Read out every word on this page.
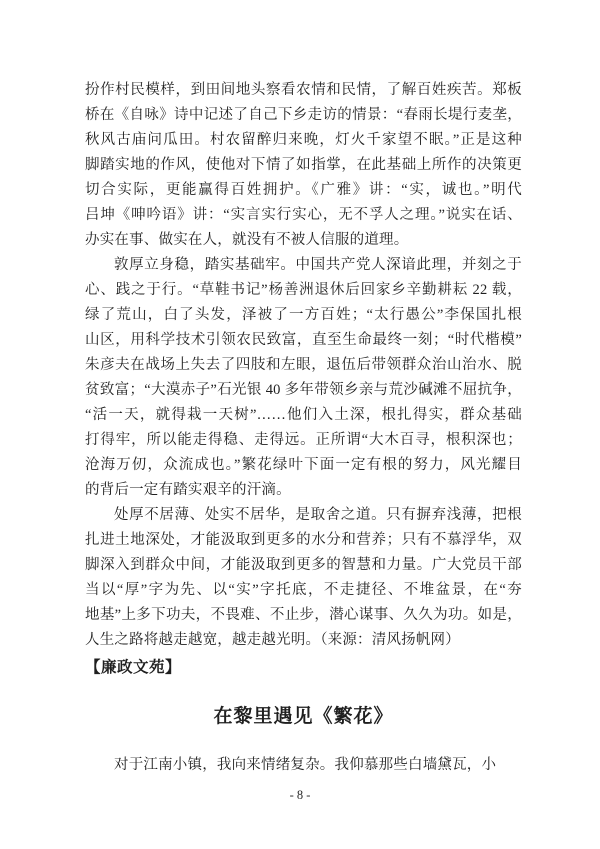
扮作村民模样，到田间地头察看农情和民情，了解百姓疾苦。郑板
桥在《自咏》诗中记述了自己下乡走访的情景：“春雨长堤行麦垄，
秋风古庙问瓜田。村农留醉归来晚，灯火千家望不眠。”正是这种
脚踏实地的作风，使他对下情了如指掌，在此基础上所作的决策更
切合实际，更能赢得百姓拥护。《广雅》讲：“实，诚也。”明代
吕坤《呻吟语》讲：“实言实行实心，无不孚人之理。”说实在话、
办实在事、做实在人，就没有不被人信服的道理。
敦厚立身稳，踏实基础牢。中国共产党人深谙此理，并刻之于
心、践之于行。“草鞋书记”杨善洲退休后回家乡辛勤耕耘 22 载，
绿了荒山，白了头发，泽被了一方百姓；“太行愚公”李保国扎根
山区，用科学技术引领农民致富，直至生命最终一刻；“时代楷模”
朱彦夫在战场上失去了四肢和左眼，退伍后带领群众治山治水、脱
贫致富；“大漠赤子”石光银 40 多年带领乡亲与荒沙碱滩不屈抗争，
“活一天，就得栽一天树”……他们入土深，根扎得实，群众基础
打得牢，所以能走得稳、走得远。正所谓“大木百寻，根积深也；
沧海万仞，众流成也。”繁花绿叶下面一定有根的努力，风光耀目
的背后一定有踏实艰辛的汗滴。
处厚不居薄、处实不居华，是取舍之道。只有摒弃浅薄，把根
扎进土地深处，才能汲取到更多的水分和营养；只有不慕浮华，双
脚深入到群众中间，才能汲取到更多的智慧和力量。广大党员干部
当以“厚”字为先、以“实”字托底，不走捷径、不堆盆景，在“夯
地基”上多下功夫，不畏难、不止步，潜心谋事、久久为功。如是，
人生之路将越走越宽，越走越光明。（来源：清风扬帆网）
【廉政文苑】
在黎里遇见《繁花》
对于江南小镇，我向来情绪复杂。我仰慕那些白墙黛瓦，小
- 8 -
